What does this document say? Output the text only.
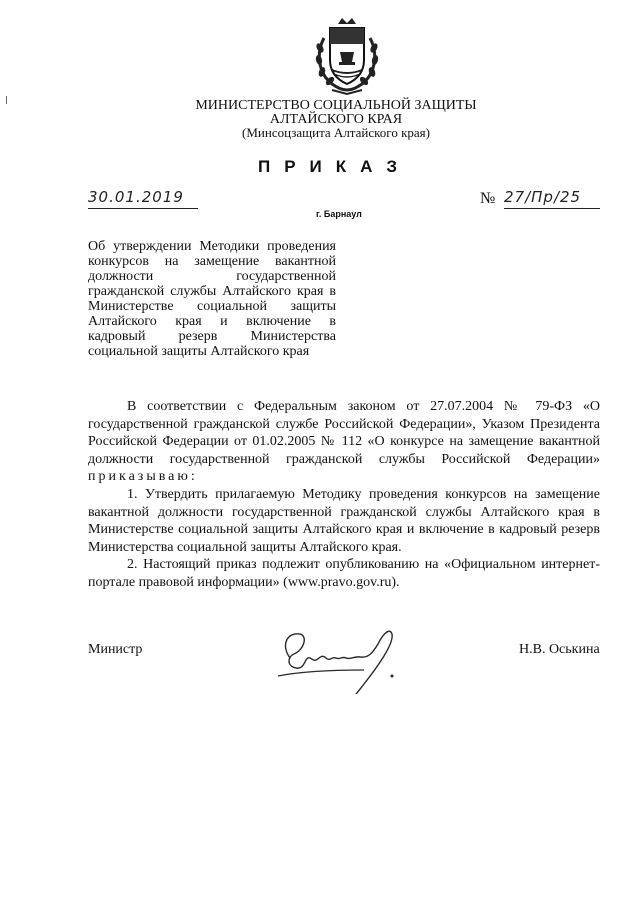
МИНИСТЕРСТВО СОЦИАЛЬНОЙ ЗАЩИТЫ
АЛТАЙСКОГО КРАЯ
(Минсоцзащита Алтайского края)
ПРИКАЗ
30.01.2019	№ 27/Пр/25
г. Барнаул
Об утверждении Методики проведения конкурсов на замещение вакантной должности государственной гражданской службы Алтайского края в Министерстве социальной защиты Алтайского края и включение в кадровый резерв Министерства социальной защиты Алтайского края

В соответствии с Федеральным законом от 27.07.2004 № 79-ФЗ «О государственной гражданской службе Российской Федерации», Указом Президента Российской Федерации от 01.02.2005 № 112 «О конкурсе на замещение вакантной должности государственной гражданской службы Российской Федерации» приказываю:

1. Утвердить прилагаемую Методику проведения конкурсов на замещение вакантной должности государственной гражданской службы Алтайского края в Министерстве социальной защиты Алтайского края и включение в кадровый резерв Министерства социальной защиты Алтайского края.

2. Настоящий приказ подлежит опубликованию на «Официальном интернет-портале правовой информации» (www.pravo.gov.ru).

Министр	Н.В. Оськина
